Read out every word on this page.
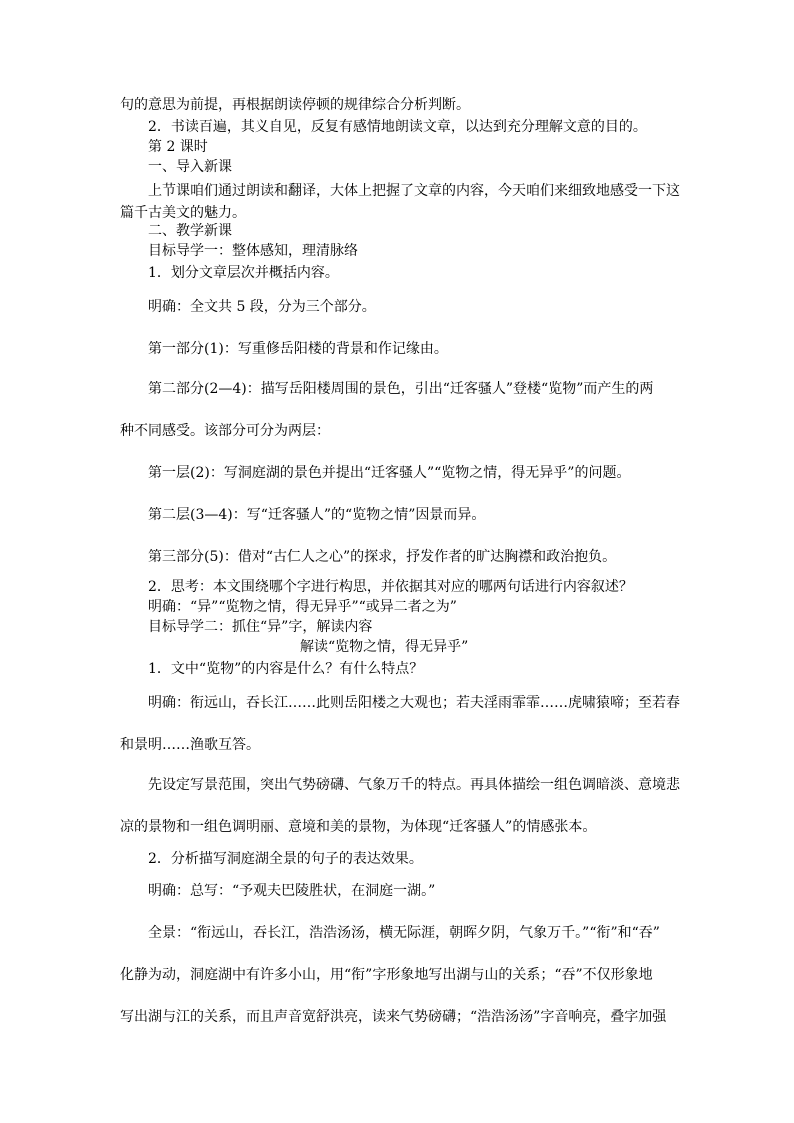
句的意思为前提，再根据朗读停顿的规律综合分析判断。
2．书读百遍，其义自见，反复有感情地朗读文章，以达到充分理解文意的目的。
第 2 课时
一、导入新课
上节课咱们通过朗读和翻译，大体上把握了文章的内容，今天咱们来细致地感受一下这
篇千古美文的魅力。
二、教学新课
目标导学一：整体感知，理清脉络
1．划分文章层次并概括内容。
明确：全文共 5 段，分为三个部分。
第一部分(1)：写重修岳阳楼的背景和作记缘由。
第二部分(2—4)：描写岳阳楼周围的景色，引出“迁客骚人”登楼“览物”而产生的两
种不同感受。该部分可分为两层：
第一层(2)：写洞庭湖的景色并提出“迁客骚人”“览物之情，得无异乎”的问题。
第二层(3—4)：写“迁客骚人”的“览物之情”因景而异。
第三部分(5)：借对“古仁人之心”的探求，抒发作者的旷达胸襟和政治抱负。
2．思考：本文围绕哪个字进行构思，并依据其对应的哪两句话进行内容叙述？
明确：“异”“览物之情，得无异乎”“或异二者之为”
目标导学二：抓住“异”字，解读内容
解读“览物之情，得无异乎”
1．文中“览物”的内容是什么？有什么特点？
明确：衔远山，吞长江……此则岳阳楼之大观也；若夫淫雨霏霏……虎啸猿啼；至若春
和景明……渔歌互答。
先设定写景范围，突出气势磅礴、气象万千的特点。再具体描绘一组色调暗淡、意境悲
凉的景物和一组色调明丽、意境和美的景物，为体现“迁客骚人”的情感张本。
2．分析描写洞庭湖全景的句子的表达效果。
明确：总写：“予观夫巴陵胜状，在洞庭一湖。”
全景：“衔远山，吞长江，浩浩汤汤，横无际涯，朝晖夕阴，气象万千。”“衔”和“吞”
化静为动，洞庭湖中有许多小山，用“衔”字形象地写出湖与山的关系；“吞”不仅形象地
写出湖与江的关系，而且声音宽舒洪亮，读来气势磅礴；“浩浩汤汤”字音响亮，叠字加强
